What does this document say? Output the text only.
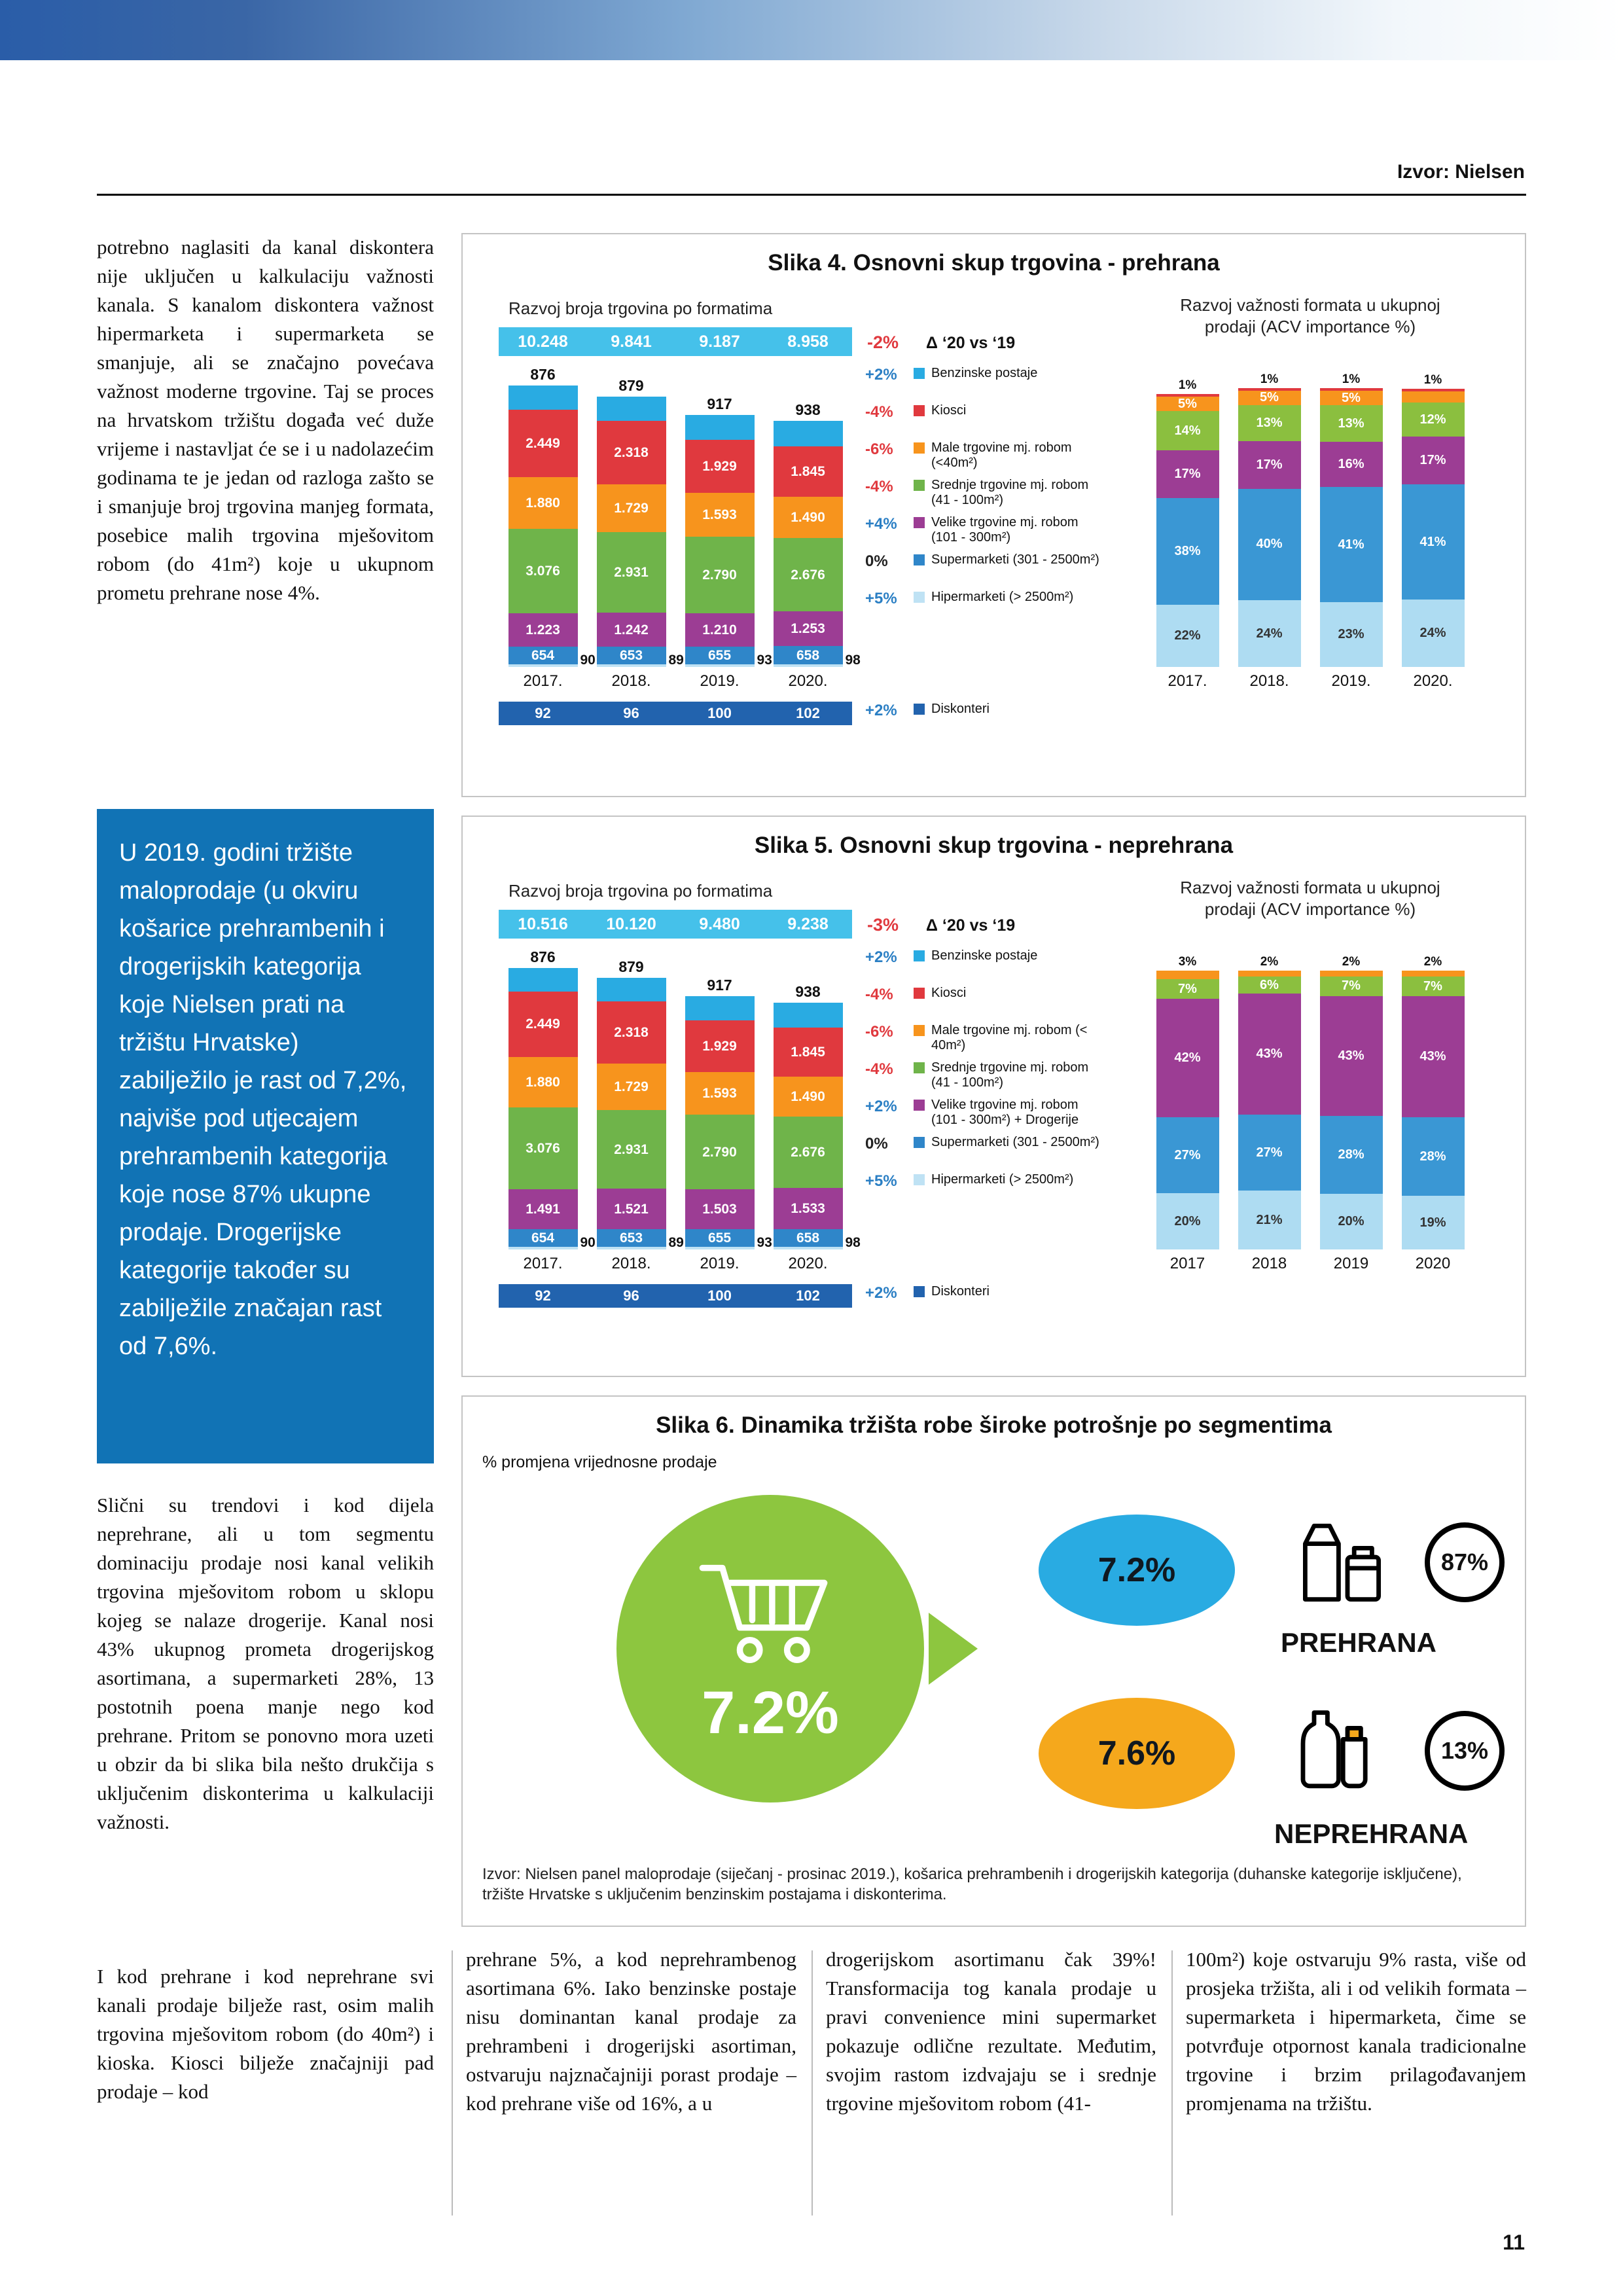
Izvor: Nielsen

potrebno naglasiti da kanal diskontera nije uključen u kalkulaciju važnosti kanala. S kanalom diskontera važnost hipermarketa i supermarketa se smanjuje, ali se značajno povećava važnost moderne trgovine. Taj se proces na hrvatskom tržištu događa već duže vrijeme i nastavljat će se i u nadolazećim godinama te je jedan od razloga zašto se i smanjuje broj trgovina manjeg formata, posebice malih trgovina mješovitom robom (do 41m²) koje u ukupnom prometu prehrane nose 4%.

U 2019. godini tržište maloprodaje (u okviru košarice prehrambenih i drogerijskih kategorija koje Nielsen prati na tržištu Hrvatske) zabilježilo je rast od 7,2%, najviše pod utjecajem prehrambenih kategorija koje nose 87% ukupne prodaje. Drogerijske kategorije također su zabilježile značajan rast od 7,6%.

Slični su trendovi i kod dijela neprehrane, ali u tom segmentu dominaciju prodaje nosi kanal velikih trgovina mješovitom robom u sklopu kojeg se nalaze drogerije. Kanal nosi 43% ukupnog prometa drogerijskog asortimana, a supermarketi 28%, 13 postotnih poena manje nego kod prehrane. Pritom se ponovno mora uzeti u obzir da bi slika bila nešto drukčija s uključenim diskonterima u kalkulaciji važnosti.

I kod prehrane i kod neprehrane svi kanali prodaje bilježe rast, osim malih trgovina mješovitom robom (do 40m²) i kioska. Kiosci bilježe značajniji pad prodaje – kod

Slika 4. Osnovni skup trgovina - prehrana
Razvoj broja trgovina po formatima
10.248	9.841	9.187	8.958	-2% Δ ‘20 vs ‘19
876
2.449
1.880
3.076
1.223
654 90
879
2.318
1.729
2.931
1.242
653 89
917
1.929
1.593
2.790
1.210
655 93
938
1.845
1.490
2.676
1.253
658 98
2017.	2018.	2019.	2020.
92	96	100	102
+2%	Benzinske postaje
-4%	Kiosci
-6%	Male trgovine mj. robom (<40m²)
-4%	Srednje trgovine mj. robom (41 - 100m²)
+4%	Velike trgovine mj. robom (101 - 300m²)
0%	Supermarketi (301 - 2500m²)
+5%	Hipermarketi (> 2500m²)
+2%	Diskonteri
Razvoj važnosti formata u ukupnoj prodaji (ACV importance %)
1%
5%
14%
17%
38%
22%
1%
5%
13%
17%
40%
24%
1%
5%
13%
16%
41%
23%
1%
12%
17%
41%
24%
2017.	2018.	2019.	2020.
Slika 5. Osnovni skup trgovina - neprehrana
Razvoj broja trgovina po formatima
10.516	10.120	9.480	9.238	-3% Δ ‘20 vs ‘19
876
2.449
1.880
3.076
1.491
654 90
879
2.318
1.729
2.931
1.521
653 89
917
1.929
1.593
2.790
1.503
655 93
938
1.845
1.490
2.676
1.533
658 98
2017.	2018.	2019.	2020.
92	96	100	102
+2%	Benzinske postaje
-4%	Kiosci
-6%	Male trgovine mj. robom (< 40m²)
-4%	Srednje trgovine mj. robom (41 - 100m²)
+2%	Velike trgovine mj. robom (101 - 300m²) + Drogerije
0%	Supermarketi (301 - 2500m²)
+5%	Hipermarketi (> 2500m²)
+2%	Diskonteri
Razvoj važnosti formata u ukupnoj prodaji (ACV importance %)
3%
7%
42%
27%
20%
2%
6%
43%
27%
21%
2%
7%
43%
28%
20%
2%
7%
43%
28%
19%
2017	2018	2019	2020
Slika 6. Dinamika tržišta robe široke potrošnje po segmentima
% promjena vrijednosne prodaje
7.2%
7.2%
7.6%
87%
PREHRANA
13%
NEPREHRANA
Izvor: Nielsen panel maloprodaje (siječanj - prosinac 2019.), košarica prehrambenih i drogerijskih kategorija (duhanske kategorije isključene), tržište Hrvatske s uključenim benzinskim postajama i diskonterima.

prehrane 5%, a kod neprehrambenog asortimana 6%. Iako benzinske postaje nisu dominantan kanal prodaje za prehrambeni i drogerijski asortiman, ostvaruju najznačajniji porast prodaje – kod prehrane više od 16%, a u

drogerijskom asortimanu čak 39%! Transformacija tog kanala prodaje u pravi convenience mini supermarket pokazuje odlične rezultate. Međutim, svojim rastom izdvajaju se i srednje trgovine mješovitom robom (41-

100m²) koje ostvaruju 9% rasta, više od prosjeka tržišta, ali i od velikih formata – supermarketa i hipermarketa, čime se potvrđuje otpornost kanala tradicionalne trgovine i brzim prilagođavanjem promjenama na tržištu.

11
